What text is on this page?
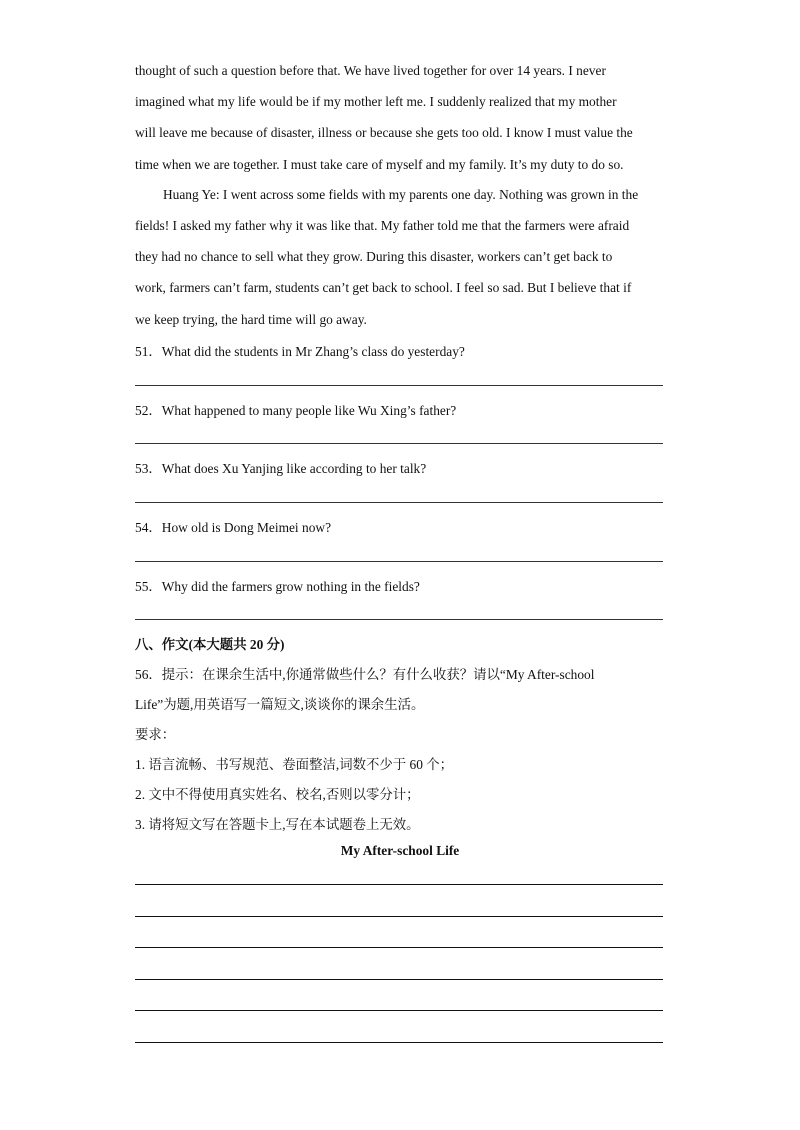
thought of such a question before that. We have lived together for over 14 years. I never
imagined what my life would be if my mother left me. I suddenly realized that my mother
will leave me because of disaster, illness or because she gets too old. I know I must value the
time when we are together. I must take care of myself and my family. It’s my duty to do so.
Huang Ye: I went across some fields with my parents one day. Nothing was grown in the
fields! I asked my father why it was like that. My father told me that the farmers were afraid
they had no chance to sell what they grow. During this disaster, workers can’t get back to
work, farmers can’t farm, students can’t get back to school. I feel so sad. But I believe that if
we keep trying, the hard time will go away.
51．What did the students in Mr Zhang’s class do yesterday?
52．What happened to many people like Wu Xing’s father?
53．What does Xu Yanjing like according to her talk?
54．How old is Dong Meimei now?
55．Why did the farmers grow nothing in the fields?
八、作文(本大题共 20 分)
56．提示：在课余生活中,你通常做些什么？有什么收获？请以“My After-school
Life”为题,用英语写一篇短文,谈谈你的课余生活。
要求：
1. 语言流畅、书写规范、卷面整洁,词数不少于 60 个；
2. 文中不得使用真实姓名、校名,否则以零分计；
3. 请将短文写在答题卡上,写在本试题卷上无效。
My After-school Life
